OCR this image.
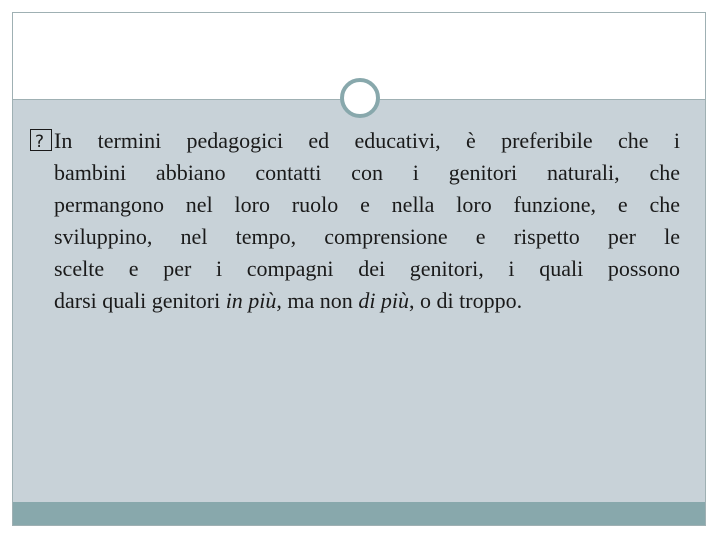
?In termini pedagogici ed educativi, è preferibile che i
bambini abbiano contatti con i genitori naturali, che
permangono nel loro ruolo e nella loro funzione, e che
sviluppino, nel tempo, comprensione e rispetto per le
scelte e per i compagni dei genitori, i quali possono
darsi quali genitori in più, ma non di più, o di troppo.
